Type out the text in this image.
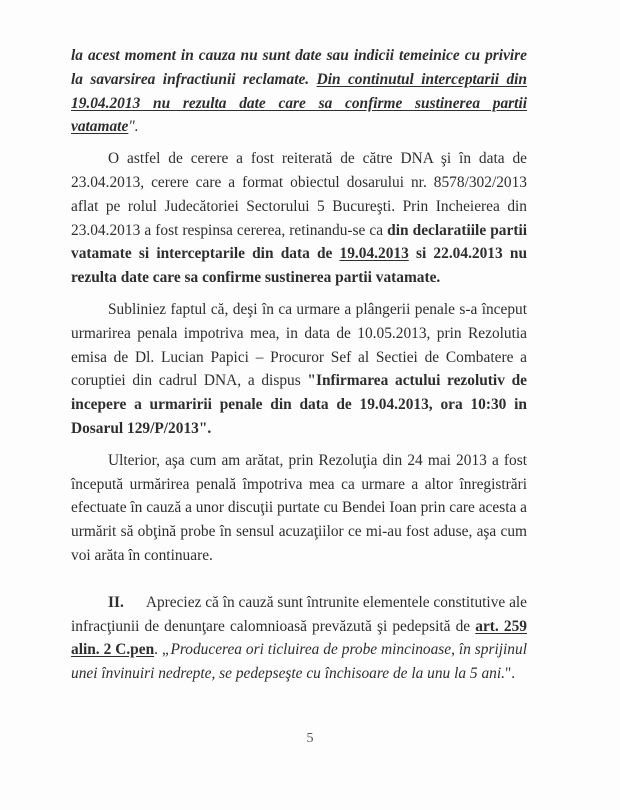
la acest moment in cauza nu sunt date sau indicii temeinice cu privire la savarsirea infractiunii reclamate. Din continutul interceptarii din 19.04.2013 nu rezulta date care sa confirme sustinerea partii vatamate".

O astfel de cerere a fost reiterată de către DNA şi în data de 23.04.2013, cerere care a format obiectul dosarului nr. 8578/302/2013 aflat pe rolul Judecătoriei Sectorului 5 Bucureşti. Prin Incheierea din 23.04.2013 a fost respinsa cererea, retinandu-se ca din declaratiile partii vatamate si interceptarile din data de 19.04.2013 si 22.04.2013 nu rezulta date care sa confirme sustinerea partii vatamate.

Subliniez faptul că, deşi în ca urmare a plângerii penale s-a început urmarirea penala impotriva mea, in data de 10.05.2013, prin Rezolutia emisa de Dl. Lucian Papici – Procuror Sef al Sectiei de Combatere a coruptiei din cadrul DNA, a dispus "Infirmarea actului rezolutiv de incepere a urmaririi penale din data de 19.04.2013, ora 10:30 in Dosarul 129/P/2013".

Ulterior, aşa cum am arătat, prin Rezoluţia din 24 mai 2013 a fost începută urmărirea penală împotriva mea ca urmare a altor înregistrări efectuate în cauză a unor discuţii purtate cu Bendei Ioan prin care acesta a urmărit să obţină probe în sensul acuzaţiilor ce mi-au fost aduse, aşa cum voi arăta în continuare.

II. Apreciez că în cauză sunt întrunite elementele constitutive ale infracţiunii de denunţare calomnioasă prevăzută şi pedepsită de art. 259 alin. 2 C.pen. „Producerea ori ticluirea de probe mincinoase, în sprijinul unei învinuiri nedrepte, se pedepseşte cu închisoare de la unu la 5 ani.".

5
